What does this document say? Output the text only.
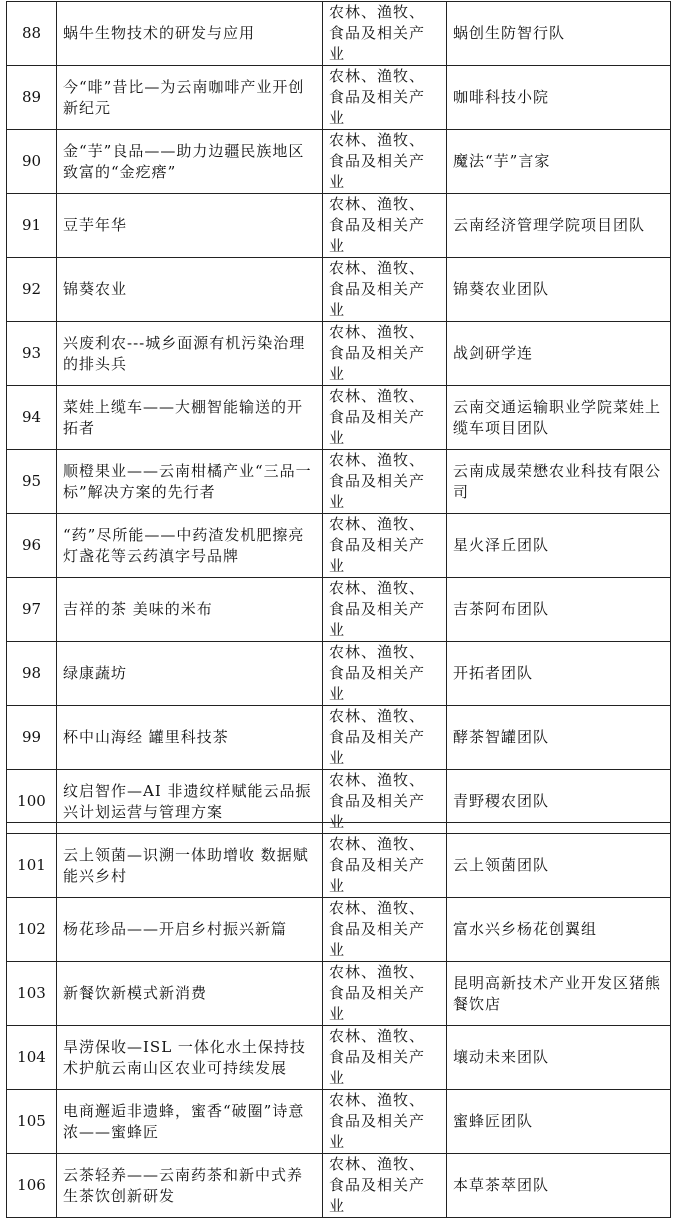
88	蜗牛生物技术的研发与应用	农林、渔牧、食品及相关产业	蜗创生防智行队
89	今“啡”昔比—为云南咖啡产业开创新纪元	农林、渔牧、食品及相关产业	咖啡科技小院
90	金“芋”良品——助力边疆民族地区致富的“金疙瘩”	农林、渔牧、食品及相关产业	魔法“芋”言家
91	豆芋年华	农林、渔牧、食品及相关产业	云南经济管理学院项目团队
92	锦葵农业	农林、渔牧、食品及相关产业	锦葵农业团队
93	兴废利农---城乡面源有机污染治理的排头兵	农林、渔牧、食品及相关产业	战剑研学连
94	菜娃上缆车——大棚智能输送的开拓者	农林、渔牧、食品及相关产业	云南交通运输职业学院菜娃上缆车项目团队
95	顺橙果业——云南柑橘产业“三品一标”解决方案的先行者	农林、渔牧、食品及相关产业	云南成晟荣懋农业科技有限公司
96	“药”尽所能——中药渣发机肥擦亮灯盏花等云药滇字号品牌	农林、渔牧、食品及相关产业	星火泽丘团队
97	吉祥的茶 美味的米布	农林、渔牧、食品及相关产业	吉茶阿布团队
98	绿康蔬坊	农林、渔牧、食品及相关产业	开拓者团队
99	杯中山海经 罐里科技茶	农林、渔牧、食品及相关产业	酵茶智罐团队
100	纹启智作—AI 非遗纹样赋能云品振兴计划运营与管理方案	农林、渔牧、食品及相关产业	青野稷农团队
101	云上领菌—识溯一体助增收 数据赋能兴乡村	农林、渔牧、食品及相关产业	云上领菌团队
102	杨花珍品——开启乡村振兴新篇	农林、渔牧、食品及相关产业	富水兴乡杨花创翼组
103	新餐饮新模式新消费	农林、渔牧、食品及相关产业	昆明高新技术产业开发区猪熊餐饮店
104	旱涝保收—ISL 一体化水土保持技术护航云南山区农业可持续发展	农林、渔牧、食品及相关产业	壤动未来团队
105	电商邂逅非遗蜂，蜜香“破圈”诗意浓——蜜蜂匠	农林、渔牧、食品及相关产业	蜜蜂匠团队
106	云茶轻养——云南药茶和新中式养生茶饮创新研发	农林、渔牧、食品及相关产业	本草茶萃团队
